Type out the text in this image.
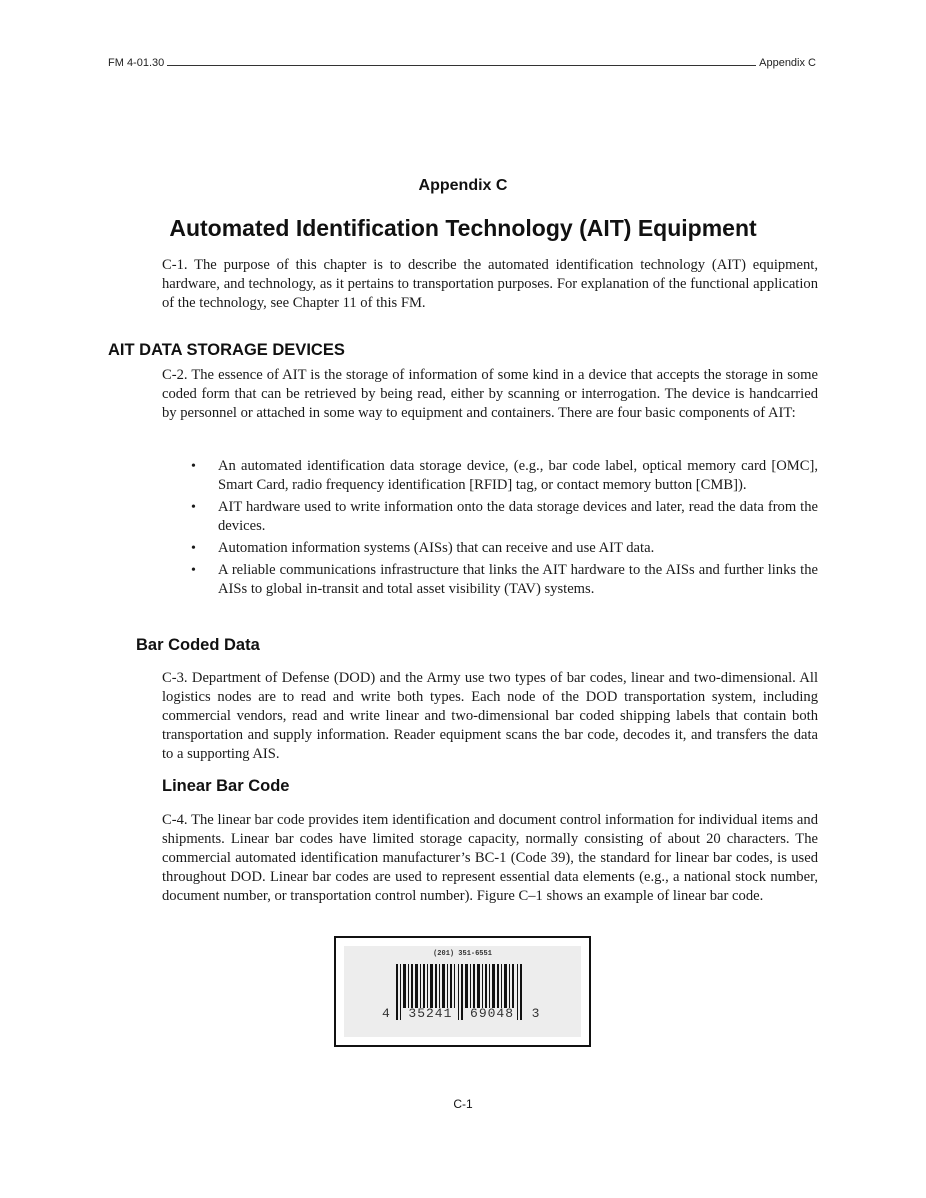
FM 4-01.30	Appendix C
Appendix C
Automated Identification Technology (AIT) Equipment

C-1. The purpose of this chapter is to describe the automated identification technology (AIT) equipment, hardware, and technology, as it pertains to transportation purposes. For explanation of the functional application of the technology, see Chapter 11 of this FM.

AIT DATA STORAGE DEVICES

C-2. The essence of AIT is the storage of information of some kind in a device that accepts the storage in some coded form that can be retrieved by being read, either by scanning or interrogation. The device is handcarried by personnel or attached in some way to equipment and containers. There are four basic components of AIT:

• An automated identification data storage device, (e.g., bar code label, optical memory card [OMC], Smart Card, radio frequency identification [RFID] tag, or contact memory button [CMB]).
• AIT hardware used to write information onto the data storage devices and later, read the data from the devices.
• Automation information systems (AISs) that can receive and use AIT data.
• A reliable communications infrastructure that links the AIT hardware to the AISs and further links the AISs to global in-transit and total asset visibility (TAV) systems.
Bar Coded Data

C-3. Department of Defense (DOD) and the Army use two types of bar codes, linear and two-dimensional. All logistics nodes are to read and write both types. Each node of the DOD transportation system, including commercial vendors, read and write linear and two-dimensional bar coded shipping labels that contain both transportation and supply information. Reader equipment scans the bar code, decodes it, and transfers the data to a supporting AIS.

Linear Bar Code

C-4. The linear bar code provides item identification and document control information for individual items and shipments. Linear bar codes have limited storage capacity, normally consisting of about 20 characters. The commercial automated identification manufacturer’s BC-1 (Code 39), the standard for linear bar codes, is used throughout DOD. Linear bar codes are used to represent essential data elements (e.g., a national stock number, document number, or transportation control number). Figure C–1 shows an example of linear bar code.

(201) 351-6551
4  35241  69048  3
C-1
